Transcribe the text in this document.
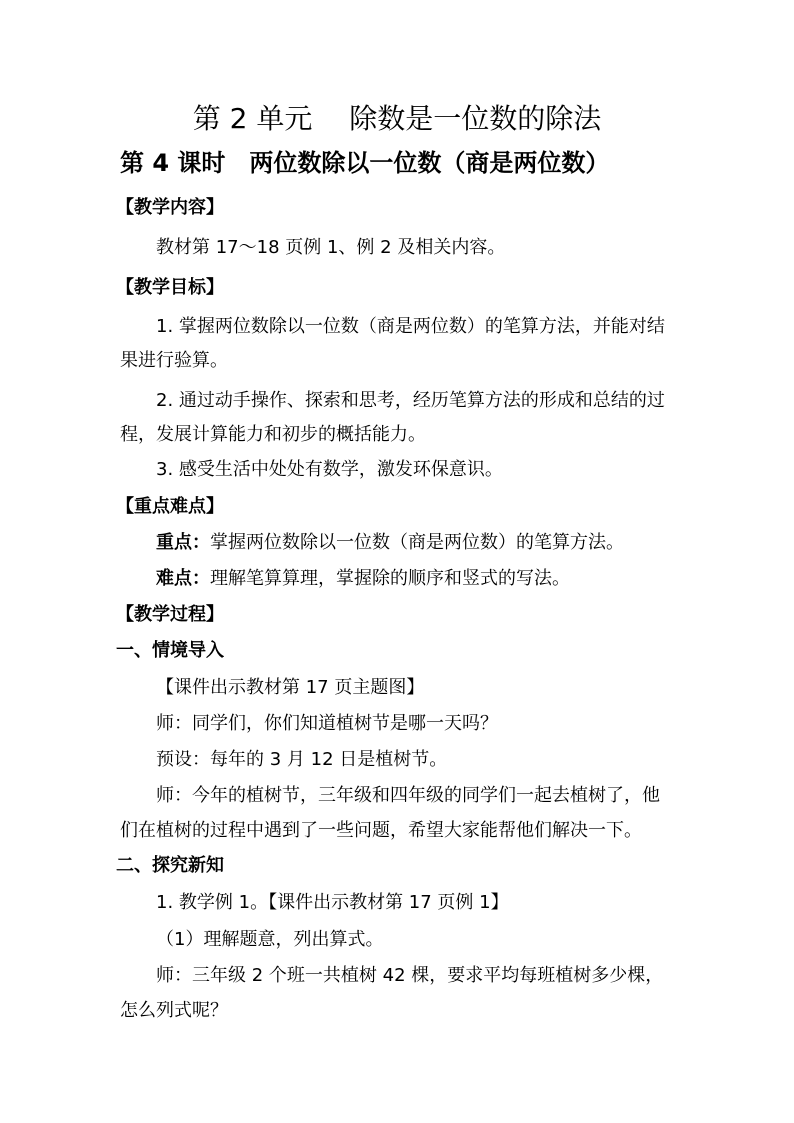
第 2 单元　 除数是一位数的除法
第 4 课时　两位数除以一位数（商是两位数）
【教学内容】
教材第 17～18 页例 1、例 2 及相关内容。
【教学目标】
1. 掌握两位数除以一位数（商是两位数）的笔算方法，并能对结
果进行验算。
2. 通过动手操作、探索和思考，经历笔算方法的形成和总结的过
程，发展计算能力和初步的概括能力。
3. 感受生活中处处有数学，激发环保意识。
【重点难点】
重点：掌握两位数除以一位数（商是两位数）的笔算方法。
难点：理解笔算算理，掌握除的顺序和竖式的写法。
【教学过程】
一、情境导入
【课件出示教材第 17 页主题图】
师：同学们，你们知道植树节是哪一天吗？
预设：每年的 3 月 12 日是植树节。
师：今年的植树节，三年级和四年级的同学们一起去植树了，他
们在植树的过程中遇到了一些问题，希望大家能帮他们解决一下。
二、探究新知
1. 教学例 1。【课件出示教材第 17 页例 1】
（1）理解题意，列出算式。
师：三年级 2 个班一共植树 42 棵，要求平均每班植树多少棵，
怎么列式呢？
